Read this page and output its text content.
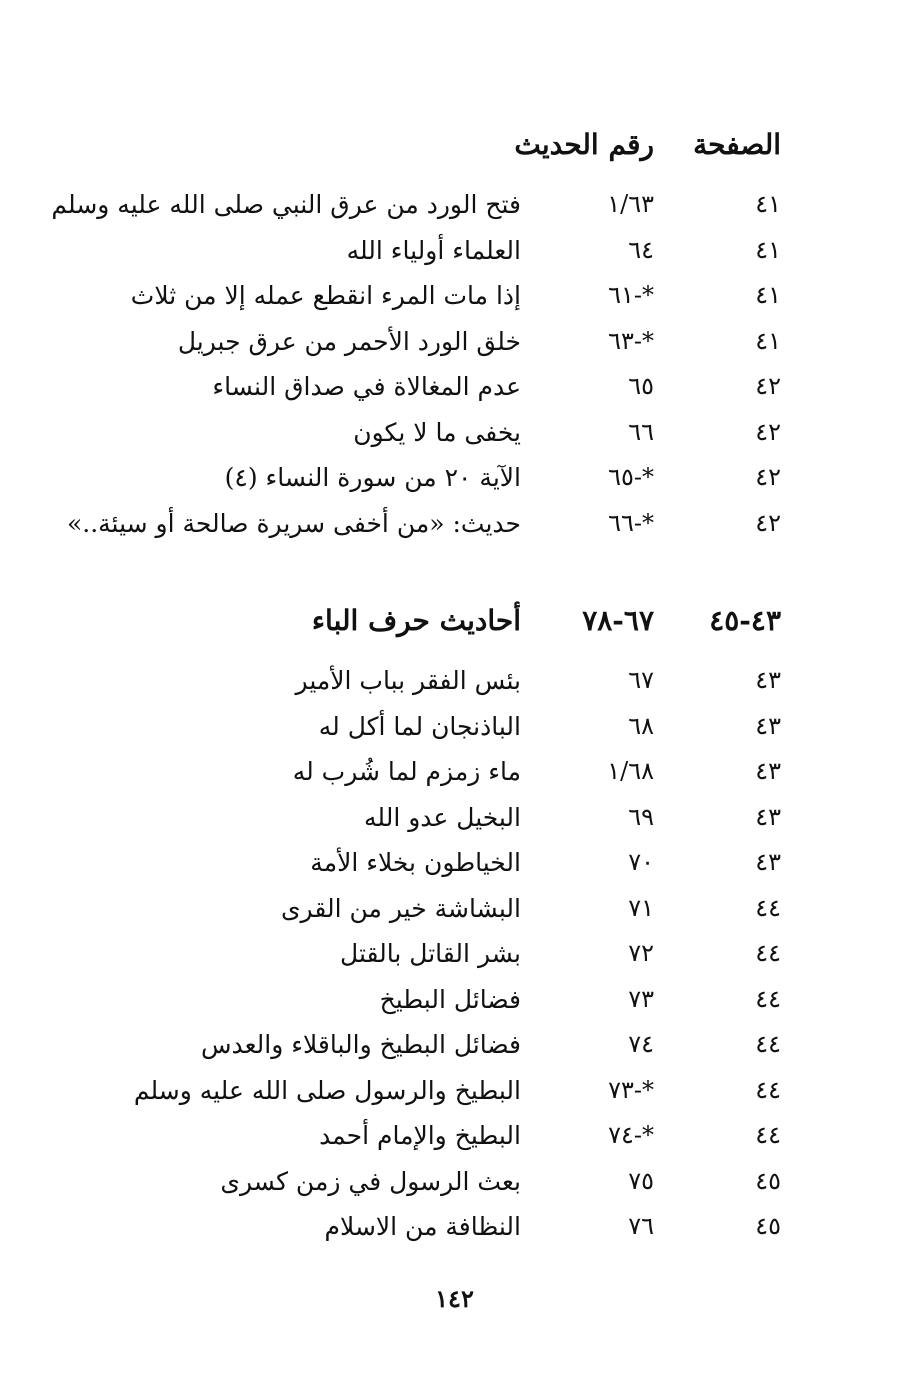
الصفحة
رقم الحديث
٤١
١/٦٣
فتح الورد من عرق النبي صلى الله عليه وسلم
٤١
٦٤
العلماء أولياء الله
٤١
*-٦١
إذا مات المرء انقطع عمله إلا من ثلاث
٤١
*-٦٣
خلق الورد الأحمر من عرق جبريل
٤٢
٦٥
عدم المغالاة في صداق النساء
٤٢
٦٦
يخفى ما لا يكون
٤٢
*-٦٥
الآية ٢٠ من سورة النساء (٤)
٤٢
*-٦٦
حديث: «من أخفى سريرة صالحة أو سيئة..»
٤٣-٤٥
٦٧-٧٨
أحاديث حرف الباء
٤٣
٦٧
بئس الفقر بباب الأمير
٤٣
٦٨
الباذنجان لما أكل له
٤٣
١/٦٨
ماء زمزم لما شُرب له
٤٣
٦٩
البخيل عدو الله
٤٣
٧٠
الخياطون بخلاء الأمة
٤٤
٧١
البشاشة خير من القرى
٤٤
٧٢
بشر القاتل بالقتل
٤٤
٧٣
فضائل البطيخ
٤٤
٧٤
فضائل البطيخ والباقلاء والعدس
٤٤
*-٧٣
البطيخ والرسول صلى الله عليه وسلم
٤٤
*-٧٤
البطيخ والإمام أحمد
٤٥
٧٥
بعث الرسول في زمن كسرى
٤٥
٧٦
النظافة من الاسلام
١٤٢
